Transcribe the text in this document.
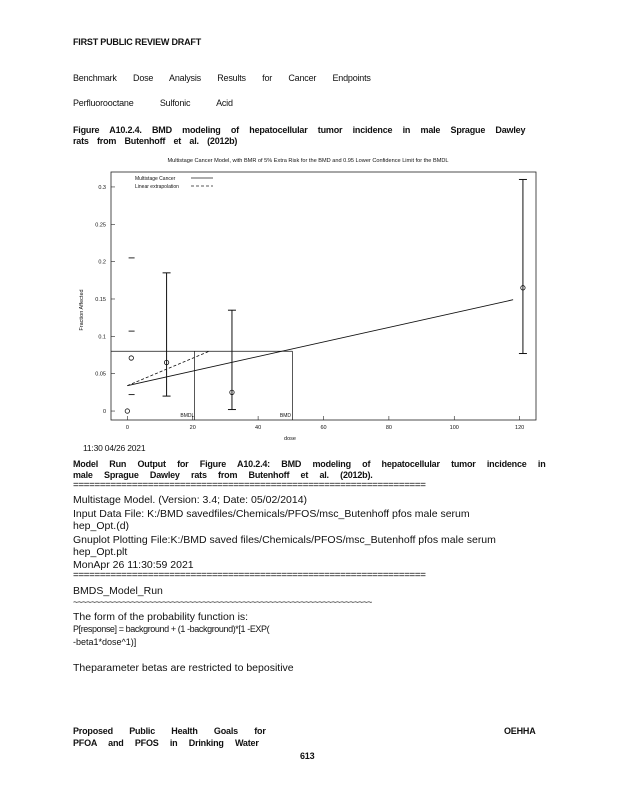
FIRST PUBLIC REVIEW DRAFT
Benchmark Dose Analysis Results for Cancer Endpoints
Perfluorooctane Sulfonic Acid
Figure A10.2.4. BMD modeling of hepatocellular tumor incidence in male Sprague Dawley
rats from Butenhoff et al. (2012b)
Multistage Cancer Model, with BMR of 5% Extra Risk for the BMD and 0.95 Lower Confidence Limit for the BMDL
0	20	40	60	80	100	120
0
0.05
0.1
0.15
0.2
0.25
0.3
dose
Fraction Affected
Multistage Cancer
Linear extrapolation
BMDL	BMD
11:30 04/26 2021
Model Run Output for Figure A10.2.4: BMD modeling of hepatocellular tumor incidence in
male Sprague Dawley rats from Butenhoff et al. (2012b).
==================================================================
Multistage Model. (Version: 3.4; Date: 05/02/2014)
Input Data File: K:/BMD savedfiles/Chemicals/PFOS/msc_Butenhoff pfos male serum
hep_Opt.(d)
Gnuplot Plotting File:K:/BMD saved files/Chemicals/PFOS/msc_Butenhoff pfos male serum
hep_Opt.plt
MonApr 26 11:30:59 2021
==================================================================
BMDS_Model_Run
~~~~~~~~~~~~~~~~~~~~~~~~~~~~~~~~~~~~~~~~~~~~~~~~~~~~~~~~~~~~~~~~~~~
The form of the probability function is:
P[response] = background + (1 -background)*[1 -EXP(
-beta1*dose^1)]
Theparameter betas are restricted to bepositive
Proposed Public Health Goals for
PFOA and PFOS in Drinking Water
OEHHA
613
